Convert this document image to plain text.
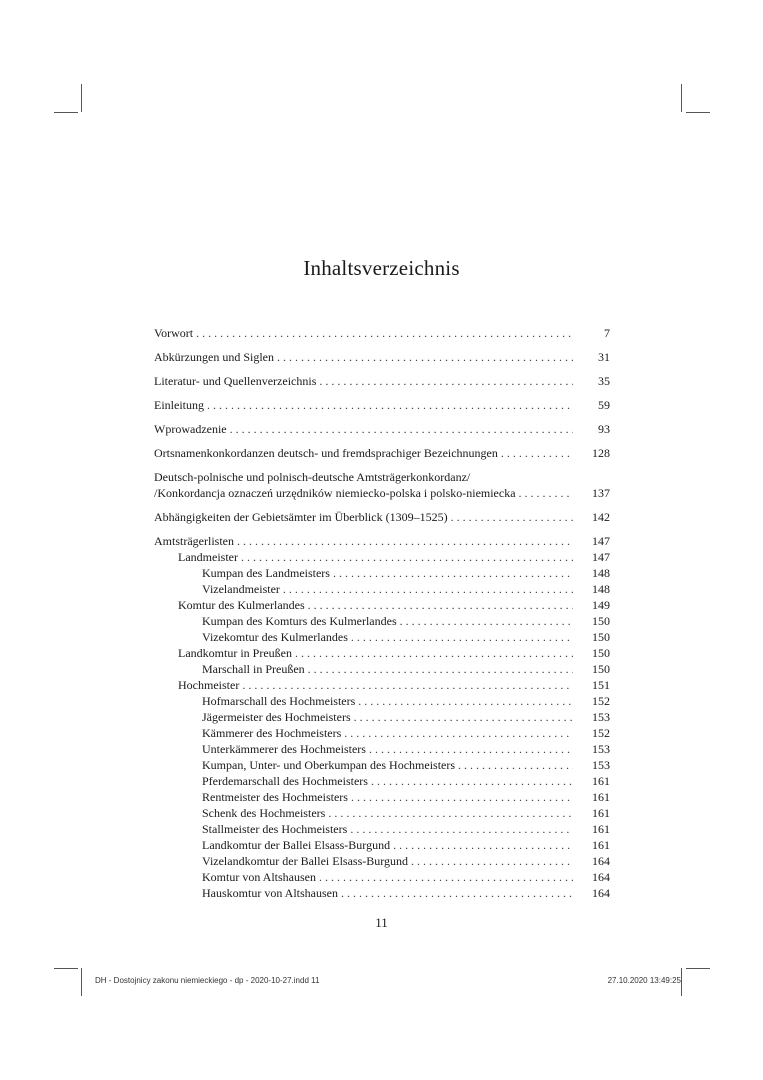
Inhaltsverzeichnis
Vorwort . . .	7
Abkürzungen und Siglen . . .	31
Literatur- und Quellenverzeichnis . . .	35
Einleitung . . .	59
Wprowadzenie . . .	93
Ortsnamenkonkordanzen deutsch- und fremdsprachiger Bezeichnungen . . .	128
Deutsch-polnische und polnisch-deutsche Amtsträgerkonkordanz/
/Konkordancja oznaczeń urzędników niemiecko-polska i polsko-niemiecka . . .	137
Abhängigkeiten der Gebietsämter im Überblick (1309–1525) . . .	142
Amtsträgerlisten . . .	147
Landmeister . . .	147
Kumpan des Landmeisters . . .	148
Vizelandmeister . . .	148
Komtur des Kulmerlandes . . .	149
Kumpan des Komturs des Kulmerlandes . . .	150
Vizekomtur des Kulmerlandes . . .	150
Landkomtur in Preußen . . .	150
Marschall in Preußen . . .	150
Hochmeister . . .	151
Hofmarschall des Hochmeisters . . .	152
Jägermeister des Hochmeisters . . .	153
Kämmerer des Hochmeisters . . .	152
Unterkämmerer des Hochmeisters . . .	153
Kumpan, Unter- und Oberkumpan des Hochmeisters . . .	153
Pferdemarschall des Hochmeisters . . .	161
Rentmeister des Hochmeisters . . .	161
Schenk des Hochmeisters . . .	161
Stallmeister des Hochmeisters . . .	161
Landkomtur der Ballei Elsass-Burgund . . .	161
Vizelandkomtur der Ballei Elsass-Burgund . . .	164
Komtur von Altshausen . . .	164
Hauskomtur von Altshausen . . .	164
11
DH - Dostojnicy zakonu niemieckiego - dp - 2020-10-27.indd 11	27.10.2020 13:49:25
